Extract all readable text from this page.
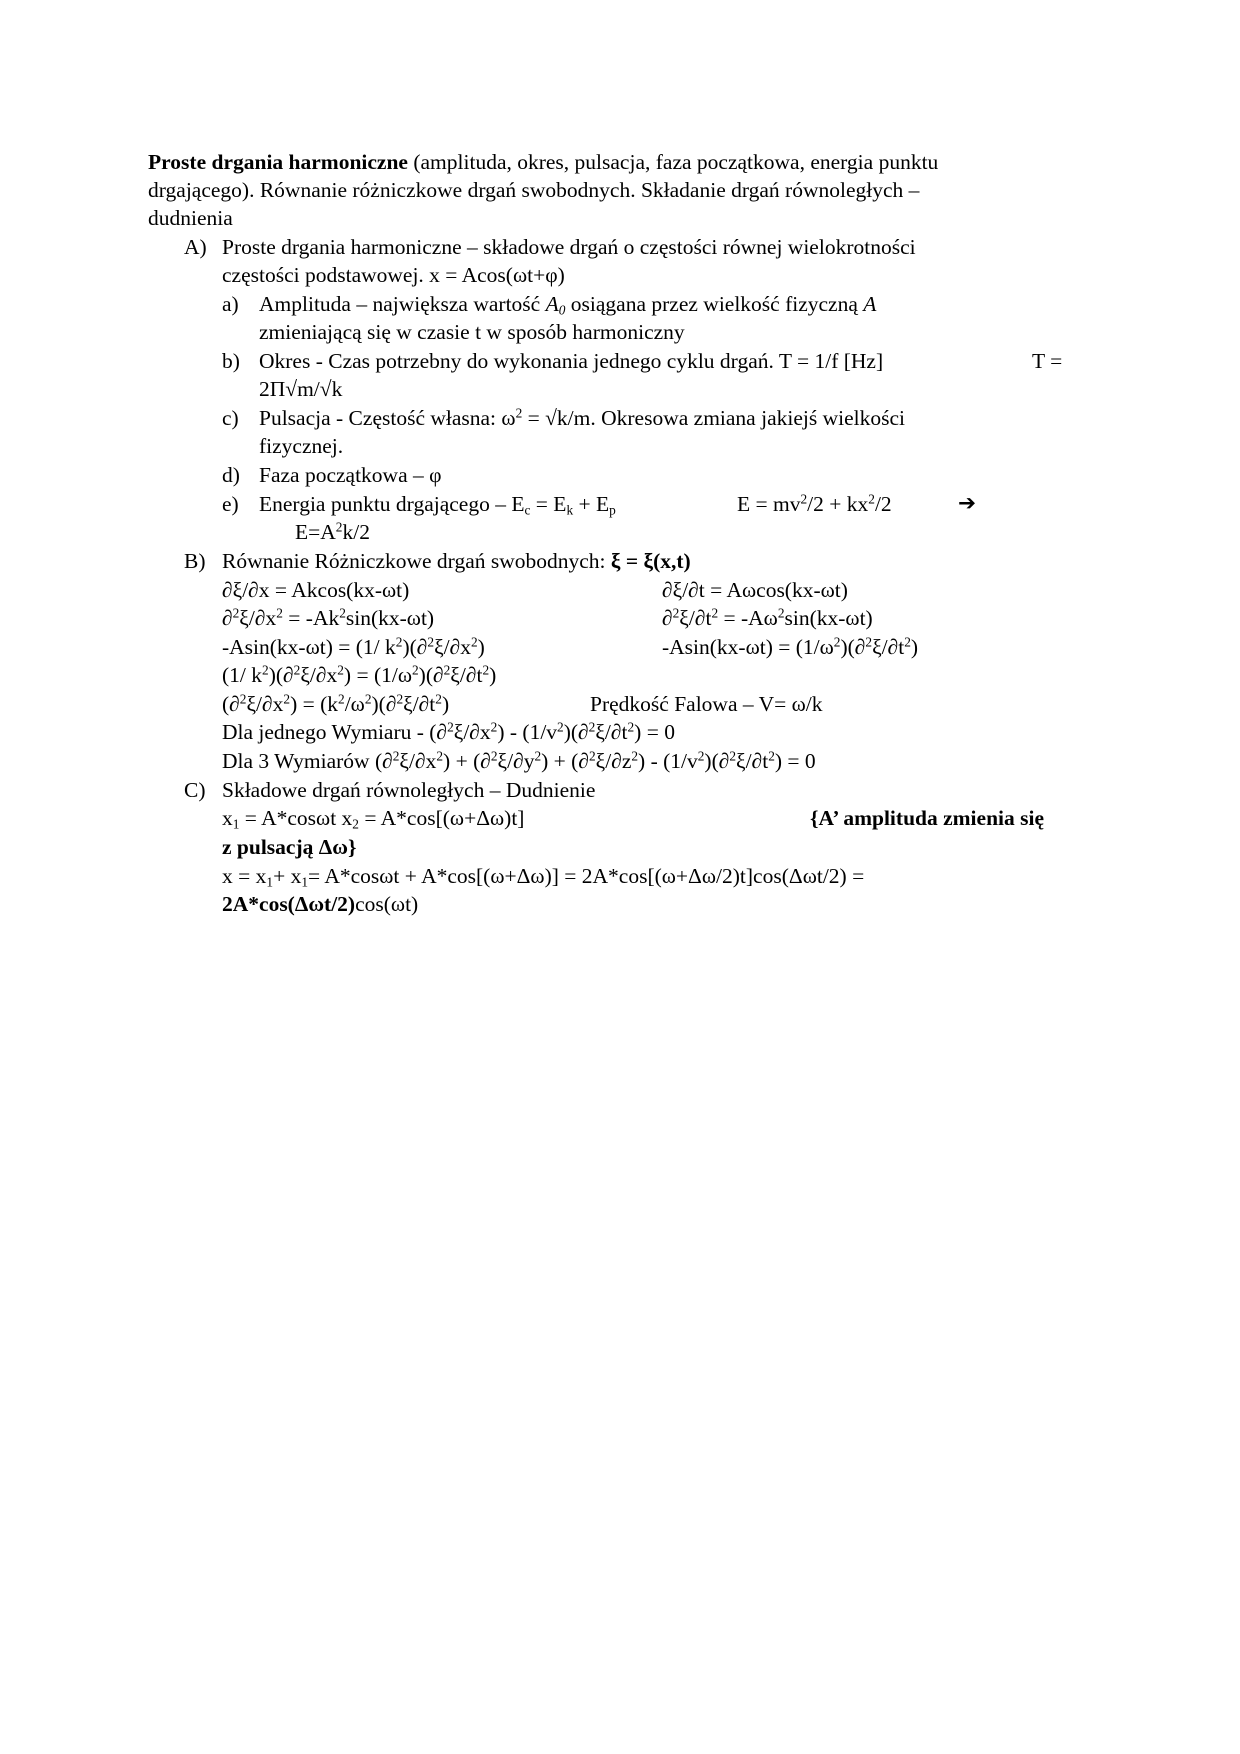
Proste drgania harmoniczne (amplituda, okres, pulsacja, faza początkowa, energia punktu
drgającego). Równanie różniczkowe drgań swobodnych. Składanie drgań równoległych –
dudnienia
A) Proste drgania harmoniczne – składowe drgań o częstości równej wielokrotności
częstości podstawowej. x = Acos(ωt+φ)
a) Amplituda – największa wartość $A_0$ osiągana przez wielkość fizyczną A
zmieniającą się w czasie t w sposób harmoniczny
b) Okres - Czas potrzebny do wykonania jednego cyklu drgań. T = 1/f [Hz]	T =
2Π√m/√k
c) Pulsacja - Częstość własna: $\omega^2 = √k/m$. Okresowa zmiana jakiejś wielkości
fizycznej.
d) Faza początkowa – φ
e) Energia punktu drgającego – $E_c = E_k + E_p$	$E = mv^2/2 + kx^2/2$	➔
$E=A^2k/2$
B) Równanie Różniczkowe drgań swobodnych: ξ = ξ(x,t)
∂ξ/∂x = Akcos(kx-ωt)	∂ξ/∂t = Aωcos(kx-ωt)
$\partial^2\xi/\partial x^2 = -Ak^2\sin(kx-\omega t)$	$\partial^2\xi/\partial t^2 = -A\omega^2\sin(kx-\omega t)$
-Asin(kx-ωt) = (1/ $k^2)(\partial^2\xi/\partial x^2)$	$-Asin(kx-\omega t) = (1/\omega^2)(\partial^2\xi/\partial t^2)$
(1/ $k^2)(\partial^2\xi/\partial x^2) = (1/\omega^2)(\partial^2\xi/\partial t^2)$
$(\partial^2\xi/\partial x^2) = (k^2/\omega^2)(\partial^2\xi/\partial t^2)$	Prędkość Falowa – V= ω/k
Dla jednego Wymiaru - $(\partial^2\xi/\partial x^2) - (1/v^2)(\partial^2\xi/\partial t^2) = 0$
Dla 3 Wymiarów $(\partial^2\xi/\partial x^2) + (\partial^2\xi/\partial y^2) + (\partial^2\xi/\partial z^2) - (1/v^2)(\partial^2\xi/\partial t^2) = 0$
C) Składowe drgań równoległych – Dudnienie
$x_1 = A*\cos\omega t$ $x_2 = A*\cos[(\omega+\Delta\omega)t]$	{A’ amplituda zmienia się
z pulsacją Δω}
$x = x_1+ x_1= A*\cos\omega t + A*\cos[(\omega+\Delta\omega)] = 2A*\cos[(\omega+\Delta\omega/2)t]\cos(\Delta\omega t/2)$ =
2A*cos(Δωt/2)cos(ωt)
